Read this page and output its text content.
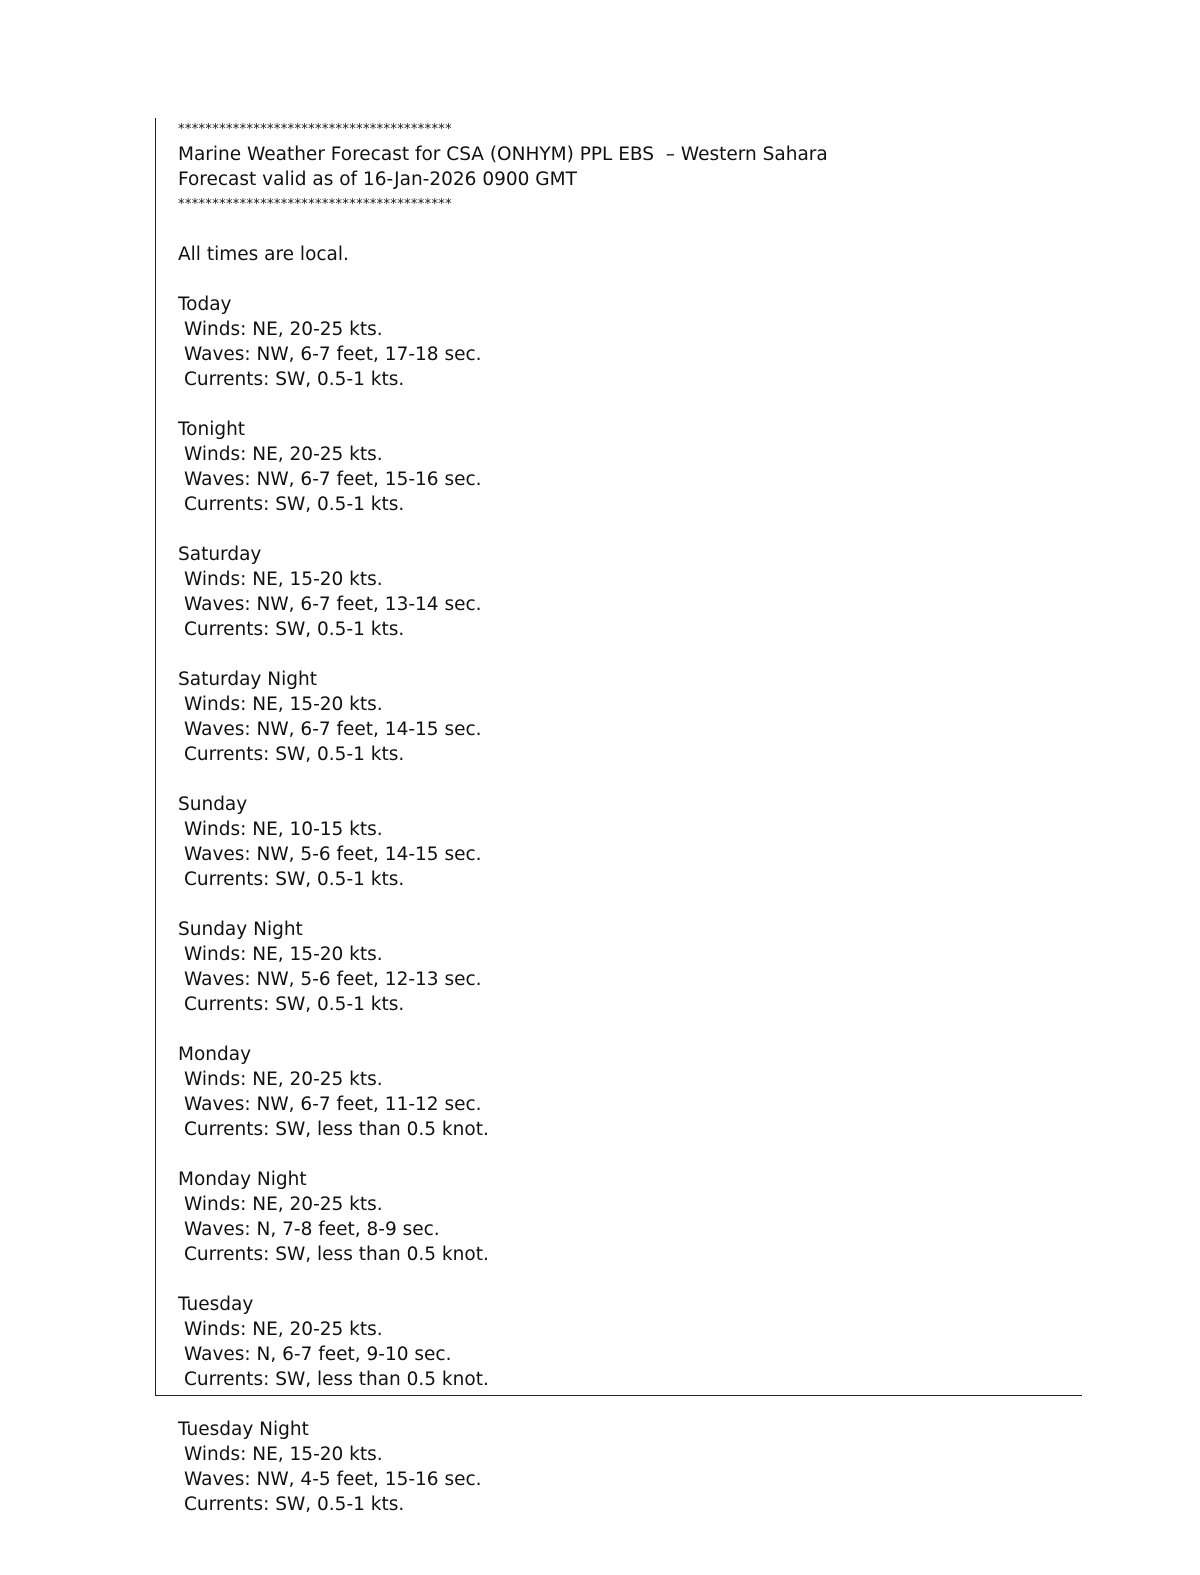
****************************************
Marine Weather Forecast for CSA (ONHYM) PPL EBS  – Western Sahara
Forecast valid as of 16-Jan-2026 0900 GMT
****************************************
All times are local.
Today
Winds: NE, 20-25 kts.
Waves: NW, 6-7 feet, 17-18 sec.
Currents: SW, 0.5-1 kts.
Tonight
Winds: NE, 20-25 kts.
Waves: NW, 6-7 feet, 15-16 sec.
Currents: SW, 0.5-1 kts.
Saturday
Winds: NE, 15-20 kts.
Waves: NW, 6-7 feet, 13-14 sec.
Currents: SW, 0.5-1 kts.
Saturday Night
Winds: NE, 15-20 kts.
Waves: NW, 6-7 feet, 14-15 sec.
Currents: SW, 0.5-1 kts.
Sunday
Winds: NE, 10-15 kts.
Waves: NW, 5-6 feet, 14-15 sec.
Currents: SW, 0.5-1 kts.
Sunday Night
Winds: NE, 15-20 kts.
Waves: NW, 5-6 feet, 12-13 sec.
Currents: SW, 0.5-1 kts.
Monday
Winds: NE, 20-25 kts.
Waves: NW, 6-7 feet, 11-12 sec.
Currents: SW, less than 0.5 knot.
Monday Night
Winds: NE, 20-25 kts.
Waves: N, 7-8 feet, 8-9 sec.
Currents: SW, less than 0.5 knot.
Tuesday
Winds: NE, 20-25 kts.
Waves: N, 6-7 feet, 9-10 sec.
Currents: SW, less than 0.5 knot.
Tuesday Night
Winds: NE, 15-20 kts.
Waves: NW, 4-5 feet, 15-16 sec.
Currents: SW, 0.5-1 kts.
